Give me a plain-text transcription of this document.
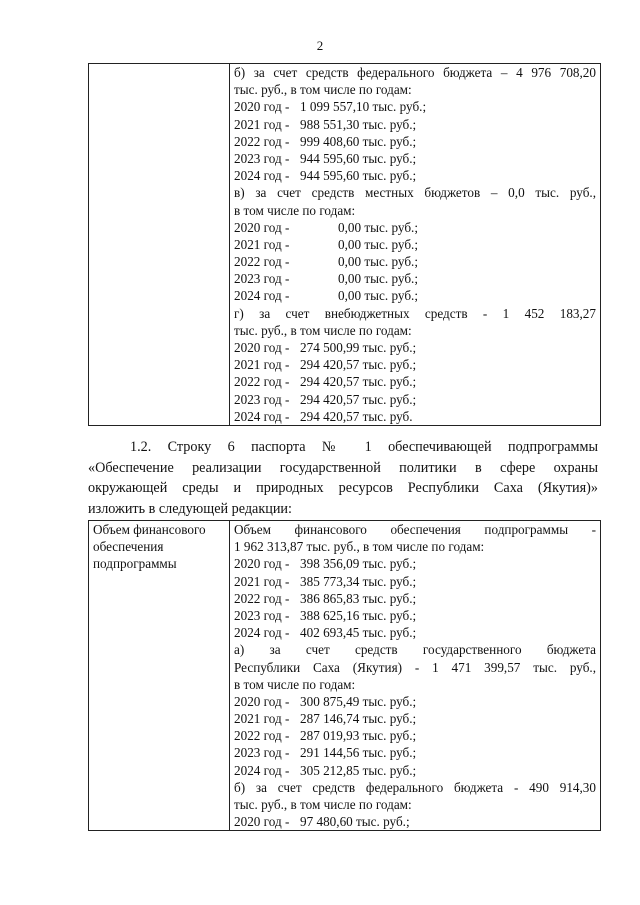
2

б) за счет средств федерального бюджета – 4 976 708,20
тыс. руб., в том числе по годам:
2020 год - 1 099 557,10 тыс. руб.;
2021 год - 988 551,30 тыс. руб.;
2022 год - 999 408,60 тыс. руб.;
2023 год - 944 595,60 тыс. руб.;
2024 год - 944 595,60 тыс. руб.;
в) за счет средств местных бюджетов – 0,0 тыс. руб.,
в том числе по годам:
2020 год -	0,00 тыс. руб.;
2021 год -	0,00 тыс. руб.;
2022 год -	0,00 тыс. руб.;
2023 год -	0,00 тыс. руб.;
2024 год -	0,00 тыс. руб.;
г) за счет внебюджетных средств - 1 452 183,27
тыс. руб., в том числе по годам:
2020 год - 274 500,99 тыс. руб.;
2021 год - 294 420,57 тыс. руб.;
2022 год - 294 420,57 тыс. руб.;
2023 год - 294 420,57 тыс. руб.;
2024 год - 294 420,57 тыс. руб.
1.2. Строку 6 паспорта № 1 обеспечивающей подпрограммы
«Обеспечение реализации государственной политики в сфере охраны
окружающей среды и природных ресурсов Республики Саха (Якутия)»
изложить в следующей редакции:
Объем финансового
обеспечения
подпрограммы

Объем финансового обеспечения подпрограммы -
1 962 313,87 тыс. руб., в том числе по годам:
2020 год - 398 356,09 тыс. руб.;
2021 год - 385 773,34 тыс. руб.;
2022 год - 386 865,83 тыс. руб.;
2023 год - 388 625,16 тыс. руб.;
2024 год - 402 693,45 тыс. руб.;
а) за счет средств государственного бюджета
Республики Саха (Якутия) - 1 471 399,57 тыс. руб.,
в том числе по годам:
2020 год - 300 875,49 тыс. руб.;
2021 год - 287 146,74 тыс. руб.;
2022 год - 287 019,93 тыс. руб.;
2023 год - 291 144,56 тыс. руб.;
2024 год - 305 212,85 тыс. руб.;
б) за счет средств федерального бюджета - 490 914,30
тыс. руб., в том числе по годам:
2020 год - 97 480,60 тыс. руб.;
